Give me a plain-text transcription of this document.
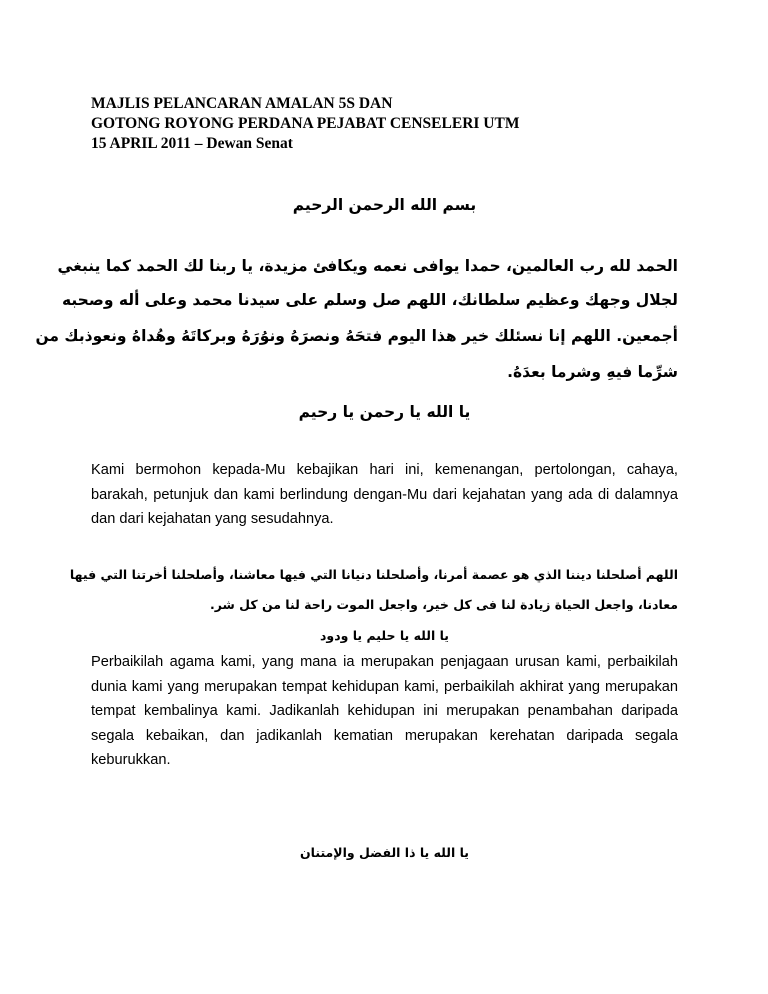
MAJLIS PELANCARAN AMALAN 5S DAN
GOTONG ROYONG PERDANA PEJABAT CENSELERI UTM
15 APRIL 2011 – Dewan Senat
بسم الله الرحمن الرحيم
الحمد لله رب العالمين، حمدا يوافى نعمه ويكافئ مزيدة، يا ربنا لك الحمد كما ينبغي
لجلال وجهك وعظيم سلطانك، اللهم صل وسلم على سيدنا محمد وعلى أله وصحبه
أجمعين. اللهم إنا نسئلك خير هذا اليوم فتحَهُ ونصرَهُ ونوُرَهُ وبركاتَهُ وهُداهُ ونعوذبك من
شرِّما فيهِ وشرما بعدَهُ.
يا الله يا رحمن يا رحيم
Kami bermohon kepada-Mu kebajikan hari ini, kemenangan, pertolongan, cahaya, barakah, petunjuk dan kami berlindung dengan-Mu dari kejahatan yang ada di dalamnya dan dari kejahatan yang sesudahnya.
اللهم أصلحلنا ديننا الذي هو عصمة أمرنا، وأصلحلنا دنيانا التي فيها معاشنا، وأصلحلنا أخرتنا التي فيها
معادنا، واجعل الحياة زيادة لنا فى كل خير، واجعل الموت راحة لنا من كل شر.
يا الله يا حليم يا ودود
Perbaikilah agama kami, yang mana ia merupakan penjagaan urusan kami, perbaikilah dunia kami yang merupakan tempat kehidupan kami, perbaikilah akhirat yang merupakan tempat kembalinya kami. Jadikanlah kehidupan ini merupakan penambahan daripada segala kebaikan, dan jadikanlah kematian merupakan kerehatan daripada segala keburukkan.
يا الله يا ذا الفضل والإمتنان
